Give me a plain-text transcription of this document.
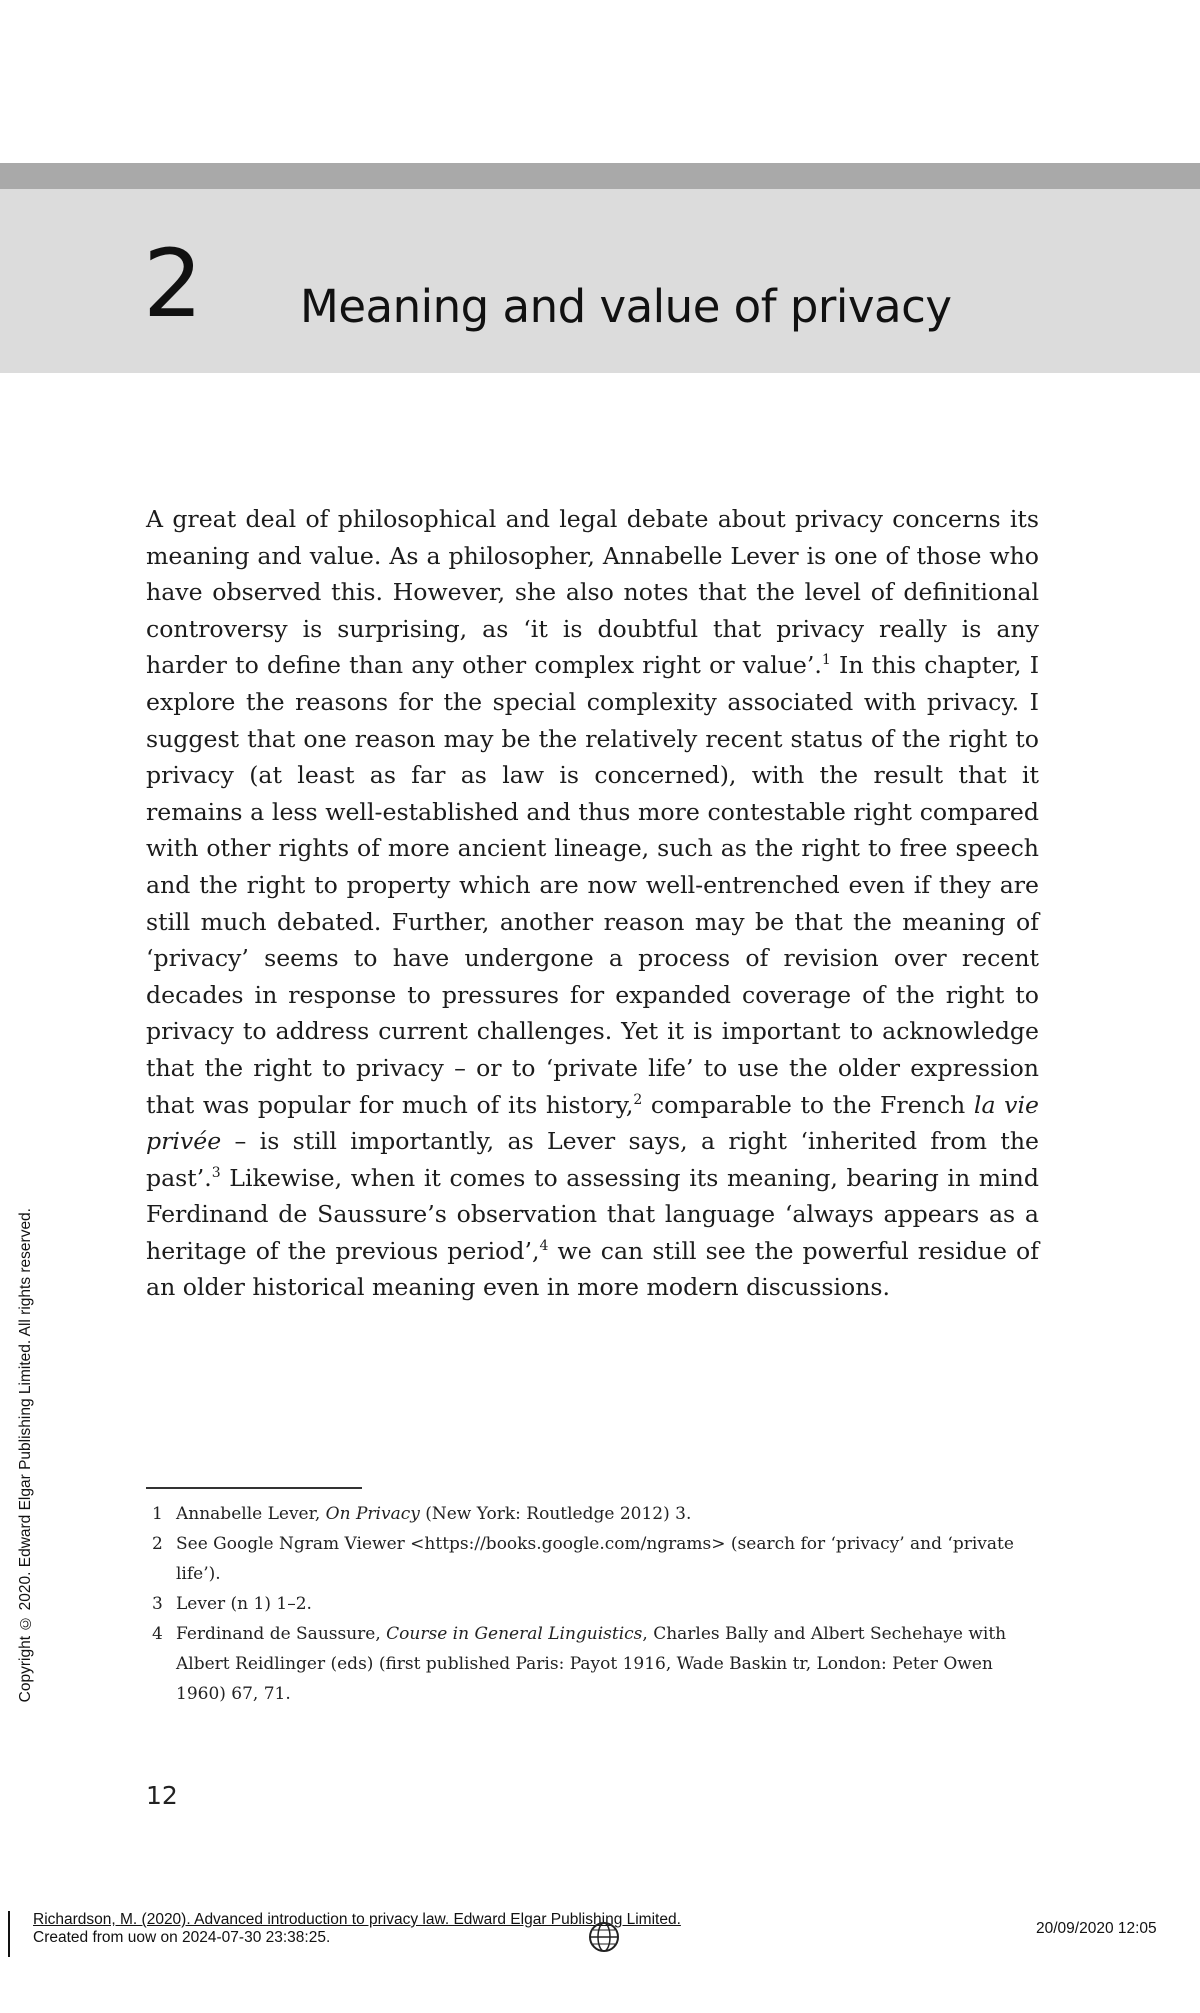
2 Meaning and value of privacy
A great deal of philosophical and legal debate about privacy concerns its meaning and value. As a philosopher, Annabelle Lever is one of those who have observed this. However, she also notes that the level of definitional controversy is surprising, as ‘it is doubtful that privacy really is any harder to define than any other complex right or value’.$^1$ In this chapter, I explore the reasons for the special complexity associated with privacy. I suggest that one reason may be the relatively recent status of the right to privacy (at least as far as law is concerned), with the result that it remains a less well-established and thus more contestable right compared with other rights of more ancient lineage, such as the right to free speech and the right to property which are now well-entrenched even if they are still much debated. Further, another reason may be that the meaning of ‘privacy’ seems to have undergone a process of revision over recent decades in response to pressures for expanded coverage of the right to privacy to address current challenges. Yet it is important to acknowledge that the right to privacy – or to ‘private life’ to use the older expression that was popular for much of its history,$^2$ comparable to the French la vie privée – is still importantly, as Lever says, a right ‘inherited from the past’.$^3$ Likewise, when it comes to assessing its meaning, bearing in mind Ferdinand de Saussure’s observation that language ‘always appears as a heritage of the previous period’,$^4$ we can still see the powerful residue of an older historical meaning even in more modern discussions.
1 Annabelle Lever, On Privacy (New York: Routledge 2012) 3.
2 See Google Ngram Viewer <https://books.google.com/ngrams> (search for ‘privacy’ and ‘private life’).
3 Lever (n 1) 1–2.
4 Ferdinand de Saussure, Course in General Linguistics, Charles Bally and Albert Sechehaye with Albert Reidlinger (eds) (first published Paris: Payot 1916, Wade Baskin tr, London: Peter Owen 1960) 67, 71.
12
Copyright © 2020. Edward Elgar Publishing Limited. All rights reserved.
Richardson, M. (2020). Advanced introduction to privacy law. Edward Elgar Publishing Limited.
Created from uow on 2024-07-30 23:38:25.
20/09/2020 12:05
